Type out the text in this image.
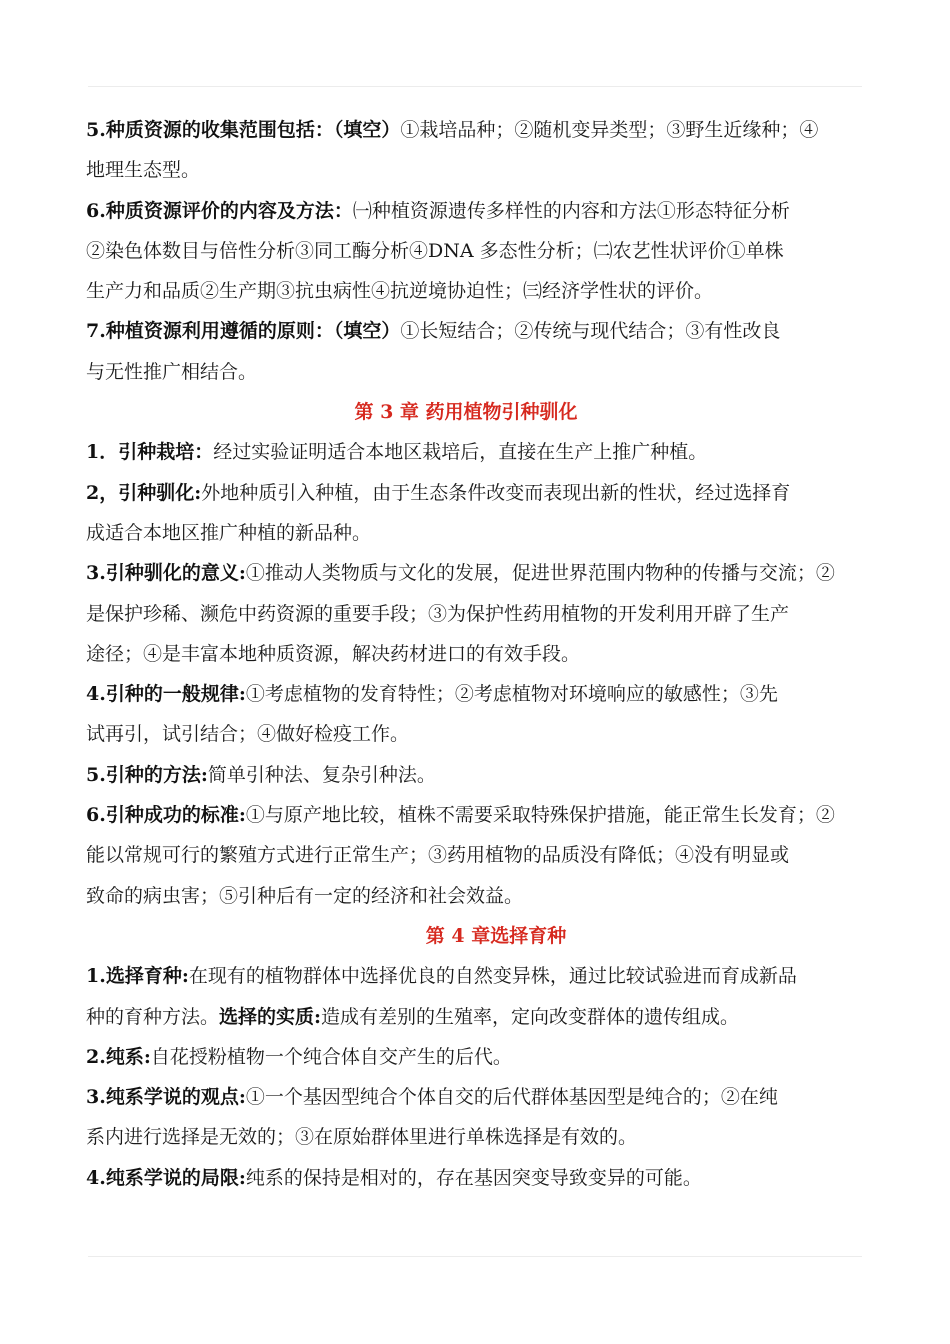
5.种质资源的收集范围包括：（填空）①栽培品种；②随机变异类型；③野生近缘种；④
地理生态型。
6.种质资源评价的内容及方法：㈠种植资源遗传多样性的内容和方法①形态特征分析
②染色体数目与倍性分析③同工酶分析④DNA 多态性分析；㈡农艺性状评价①单株
生产力和品质②生产期③抗虫病性④抗逆境协迫性；㈢经济学性状的评价。
7.种植资源利用遵循的原则：（填空）①长短结合；②传统与现代结合；③有性改良
与无性推广相结合。
第 3 章 药用植物引种驯化
1．引种栽培：经过实验证明适合本地区栽培后，直接在生产上推广种植。
2，引种驯化:外地种质引入种植，由于生态条件改变而表现出新的性状，经过选择育
成适合本地区推广种植的新品种。
3.引种驯化的意义:①推动人类物质与文化的发展，促进世界范围内物种的传播与交流；②
是保护珍稀、濒危中药资源的重要手段；③为保护性药用植物的开发利用开辟了生产
途径；④是丰富本地种质资源，解决药材进口的有效手段。
4.引种的一般规律:①考虑植物的发育特性；②考虑植物对环境响应的敏感性；③先
试再引，试引结合；④做好检疫工作。
5.引种的方法:简单引种法、复杂引种法。
6.引种成功的标准:①与原产地比较，植株不需要采取特殊保护措施，能正常生长发育；②
能以常规可行的繁殖方式进行正常生产；③药用植物的品质没有降低；④没有明显或
致命的病虫害；⑤引种后有一定的经济和社会效益。
第 4 章选择育种
1.选择育种:在现有的植物群体中选择优良的自然变异株，通过比较试验进而育成新品
种的育种方法。选择的实质:造成有差别的生殖率，定向改变群体的遗传组成。
2.纯系:自花授粉植物一个纯合体自交产生的后代。
3.纯系学说的观点:①一个基因型纯合个体自交的后代群体基因型是纯合的；②在纯
系内进行选择是无效的；③在原始群体里进行单株选择是有效的。
4.纯系学说的局限:纯系的保持是相对的，存在基因突变导致变异的可能。
